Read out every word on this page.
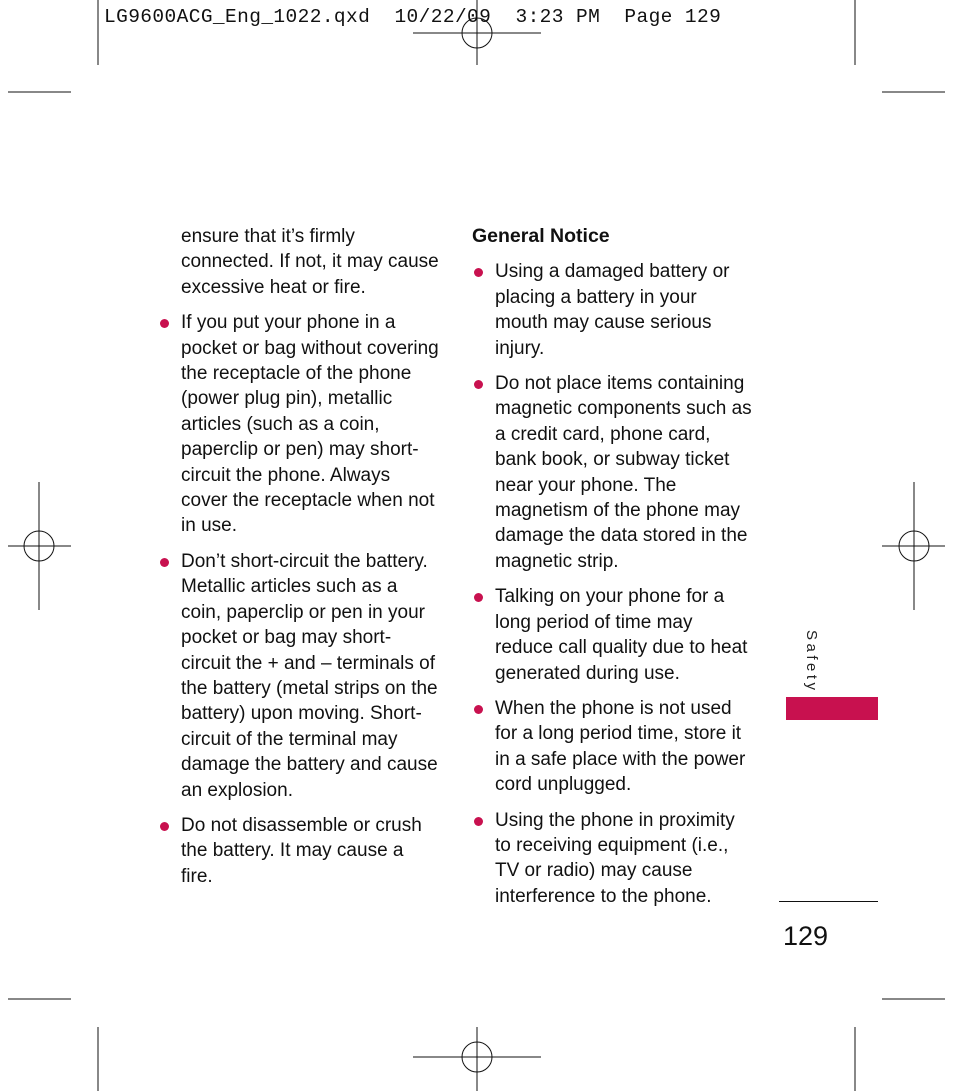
LG9600ACG_Eng_1022.qxd  10/22/09  3:23 PM  Page 129
ensure that it’s firmly connected. If not, it may cause excessive heat or fire.
If you put your phone in a pocket or bag without covering the receptacle of the phone (power plug pin), metallic articles (such as a coin, paperclip or pen) may short-circuit the phone. Always cover the receptacle when not in use.
Don’t short-circuit the battery. Metallic articles such as a coin, paperclip or pen in your pocket or bag may short-circuit the + and – terminals of the battery (metal strips on the battery) upon moving. Short-circuit of the terminal may damage the battery and cause an explosion.
Do not disassemble or crush the battery. It may cause a fire.
General Notice
Using a damaged battery or placing a battery in your mouth may cause serious injury.
Do not place items containing magnetic components such as a credit card, phone card, bank book, or subway ticket near your phone. The magnetism of the phone may damage the data stored in the magnetic strip.
Talking on your phone for a long period of time may reduce call quality due to heat generated during use.
When the phone is not used for a long period time, store it in a safe place with the power cord unplugged.
Using the phone in proximity to receiving equipment (i.e., TV or radio) may cause interference to the phone.
Safety
129
